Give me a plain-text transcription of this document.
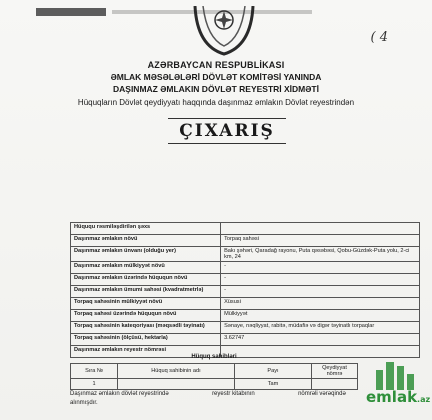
( 4
AZƏRBAYCAN RESPUBLİKASI
ƏMLAK MƏSƏLƏLƏRİ DÖVLƏT KOMİTƏSİ YANINDA
DAŞINMAZ ƏMLAKIN DÖVLƏT REYESTRİ XİDMƏTİ
Hüquqların Dövlət qeydiyyatı haqqında daşınmaz əmlakın Dövlət reyestrindən
ÇIXARIŞ
Hüququ rəsmiləşdirilən şəxs	
Daşınmaz əmlakın növü	Torpaq sahəsi
Daşınmaz əmlakın ünvanı (olduğu yer)	Bakı şəhəri, Qaradağ rayonu, Puta qəsəbəsi, Qobu-Güzdək-Puta yolu, 2-ci km, 24
Daşınmaz əmlakın mülkiyyət növü	-
Daşınmaz əmlakın üzərində hüququn növü	-
Daşınmaz əmlakın ümumi sahəsi (kvadratmetrlə)	-
Torpaq sahəsinin mülkiyyət növü	Xüsusi
Torpaq sahəsi üzərində hüququn növü	Mülkiyyət
Torpaq sahəsinin kateqoriyası (məqsədli təyinatı)	Sənaye, nəqliyyat, rabitə, müdafiə və digər təyinatlı torpaqlar
Torpaq sahəsinin (ölçüsü, hektarla)	3.62747
Daşınmaz əmlakın reyestr nömrəsi	
Hüquq sahibləri
Sıra №	Hüquq sahibinin adı	Payı	Qeydiyyat nömrə
1		Tam	
Daşınmaz əmlakın dövlət reyestrində	reyestr kitabının	nömrəli vərəqində
alınmışdır.	emlak.az
